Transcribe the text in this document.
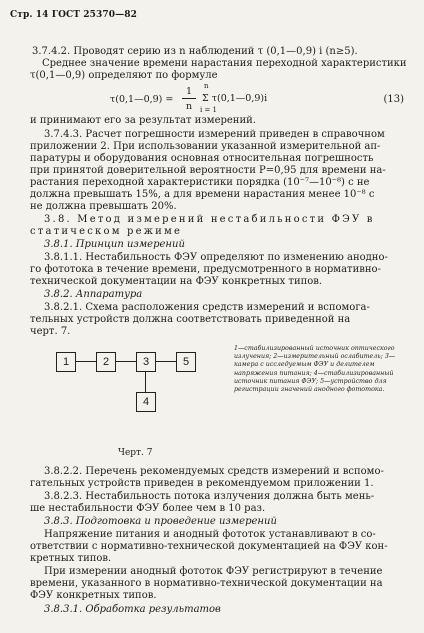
Стр. 14 ГОСТ 25370—82
3.7.4.2. Проводят серию из n наблюдений τ (0,1—0,9) i (n≥5).
Среднее значение времени нарастания переходной характеристики τ(0,1—0,9) определяют по формуле
τ(0,1—0,9) =
1
n
n
Σ τ(0,1—0,9)i
i = 1
(13)
и принимают его за результат измерений.
3.7.4.3. Расчет погрешности измерений приведен в справочном
приложении 2. При использовании указанной измерительной ап-
паратуры и оборудования основная относительная погрешность
при принятой доверительной вероятности P=0,95 для времени на-
растания переходной характеристики порядка (10⁻⁷—10⁻⁸) с не
должна превышать 15%, а для времени нарастания менее 10⁻⁸ с
не должна превышать 20%.
3.8. Метод измерений нестабильности ФЭУ в
статическом режиме
3.8.1. Принцип измерений
3.8.1.1. Нестабильность ФЭУ определяют по изменению анодно-
го фототока в течение времени, предусмотренного в нормативно-
технической документации на ФЭУ конкретных типов.
3.8.2. Аппаратура
3.8.2.1. Схема расположения средств измерений и вспомога-
тельных устройств должна соответствовать приведенной на
черт. 7.
1	2	3	5
4
1—стабилизированный источник оптического излучения; 2—измерительный ослабитель; 3—камера с исследуемым ФЭУ и делителем напряжения питания; 4—стабилизированный источник питания ФЭУ; 5—устройство для регистрации значений анодного фототока.
Черт. 7
3.8.2.2. Перечень рекомендуемых средств измерений и вспомо-
гательных устройств приведен в рекомендуемом приложении 1.
3.8.2.3. Нестабильность потока излучения должна быть мень-
ше нестабильности ФЭУ более чем в 10 раз.
3.8.3. Подготовка и проведение измерений
Напряжение питания и анодный фототок устанавливают в со-
ответствии с нормативно-технической документацией на ФЭУ кон-
кретных типов.
При измерении анодный фототок ФЭУ регистрируют в течение
времени, указанного в нормативно-технической документации на
ФЭУ конкретных типов.
3.8.3.1. Обработка результатов
